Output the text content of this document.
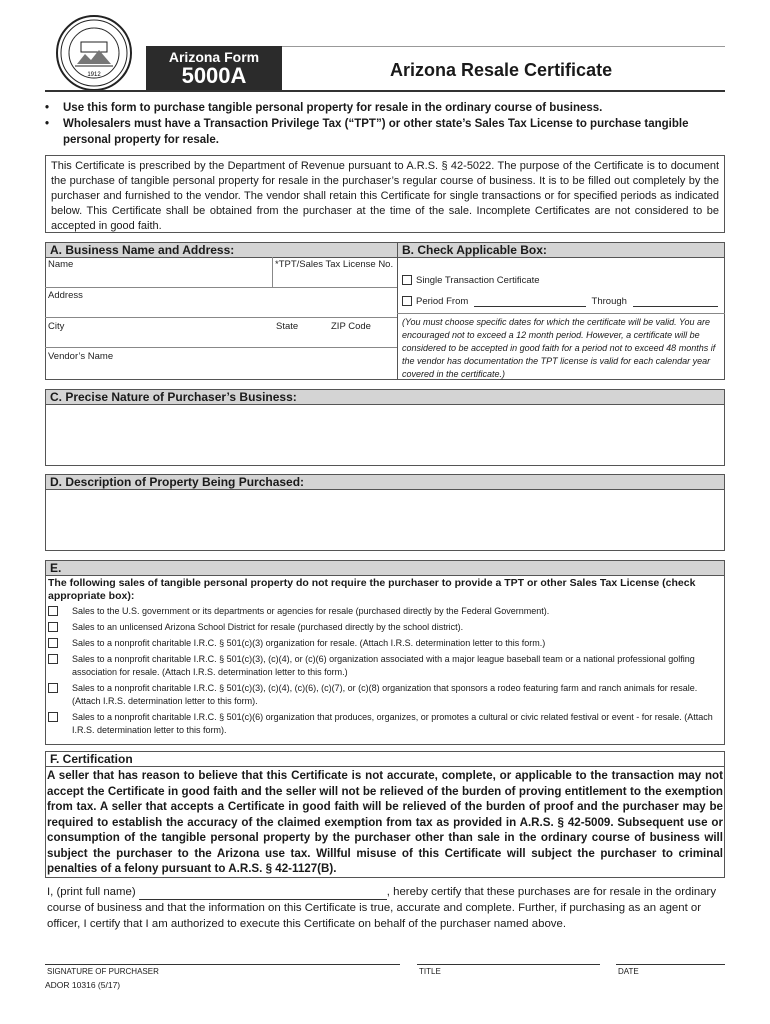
1912
Arizona Form
5000A	Arizona Resale Certificate
• Use this form to purchase tangible personal property for resale in the ordinary course of business.
• Wholesalers must have a Transaction Privilege Tax (“TPT”) or other state’s Sales Tax License to purchase tangible personal property for resale.
This Certificate is prescribed by the Department of Revenue pursuant to A.R.S. § 42-5022. The purpose of the Certificate is to document the purchase of tangible personal property for resale in the purchaser’s regular course of business. It is to be filled out completely by the purchaser and furnished to the vendor. The vendor shall retain this Certificate for single transactions or for specified periods as indicated below. This Certificate shall be obtained from the purchaser at the time of the sale. Incomplete Certificates are not considered to be accepted in good faith.
A. Business Name and Address:	B. Check Applicable Box:
Name	*TPT/Sales Tax License No.
Address
City	State	ZIP Code
Vendor’s Name
Single Transaction Certificate
Period From	Through
(You must choose specific dates for which the certificate will be valid. You are encouraged not to exceed a 12 month period. However, a certificate will be considered to be accepted in good faith for a period not to exceed 48 months if the vendor has documentation the TPT license is valid for each calendar year covered in the certificate.)
C. Precise Nature of Purchaser’s Business:
D. Description of Property Being Purchased:
E.
The following sales of tangible personal property do not require the purchaser to provide a TPT or other Sales Tax License (check appropriate box):
Sales to the U.S. government or its departments or agencies for resale (purchased directly by the Federal Government).
Sales to an unlicensed Arizona School District for resale (purchased directly by the school district).
Sales to a nonprofit charitable I.R.C. § 501(c)(3) organization for resale. (Attach I.R.S. determination letter to this form.)
Sales to a nonprofit charitable I.R.C. § 501(c)(3), (c)(4), or (c)(6) organization associated with a major league baseball team or a national professional golfing association for resale. (Attach I.R.S. determination letter to this form.)
Sales to a nonprofit charitable I.R.C. § 501(c)(3), (c)(4), (c)(6), (c)(7), or (c)(8) organization that sponsors a rodeo featuring farm and ranch animals for resale. (Attach I.R.S. determination letter to this form).
Sales to a nonprofit charitable I.R.C. § 501(c)(6) organization that produces, organizes, or promotes a cultural or civic related festival or event - for resale. (Attach I.R.S. determination letter to this form).
F. Certification
A seller that has reason to believe that this Certificate is not accurate, complete, or applicable to the transaction may not accept the Certificate in good faith and the seller will not be relieved of the burden of proving entitlement to the exemption from tax. A seller that accepts a Certificate in good faith will be relieved of the burden of proof and the purchaser may be required to establish the accuracy of the claimed exemption from tax as provided in A.R.S. § 42-5009. Subsequent use or consumption of the tangible personal property by the purchaser other than sale in the ordinary course of business will subject the purchaser to the Arizona use tax. Willful misuse of this Certificate will subject the purchaser to criminal penalties of a felony pursuant to A.R.S. § 42-1127(B).
I, (print full name)	, hereby certify that these purchases are for resale in the ordinary course of business and that the information on this Certificate is true, accurate and complete. Further, if purchasing as an agent or officer, I certify that I am authorized to execute this Certificate on behalf of the purchaser named above.
SIGNATURE OF PURCHASER	TITLE	DATE
ADOR 10316 (5/17)
